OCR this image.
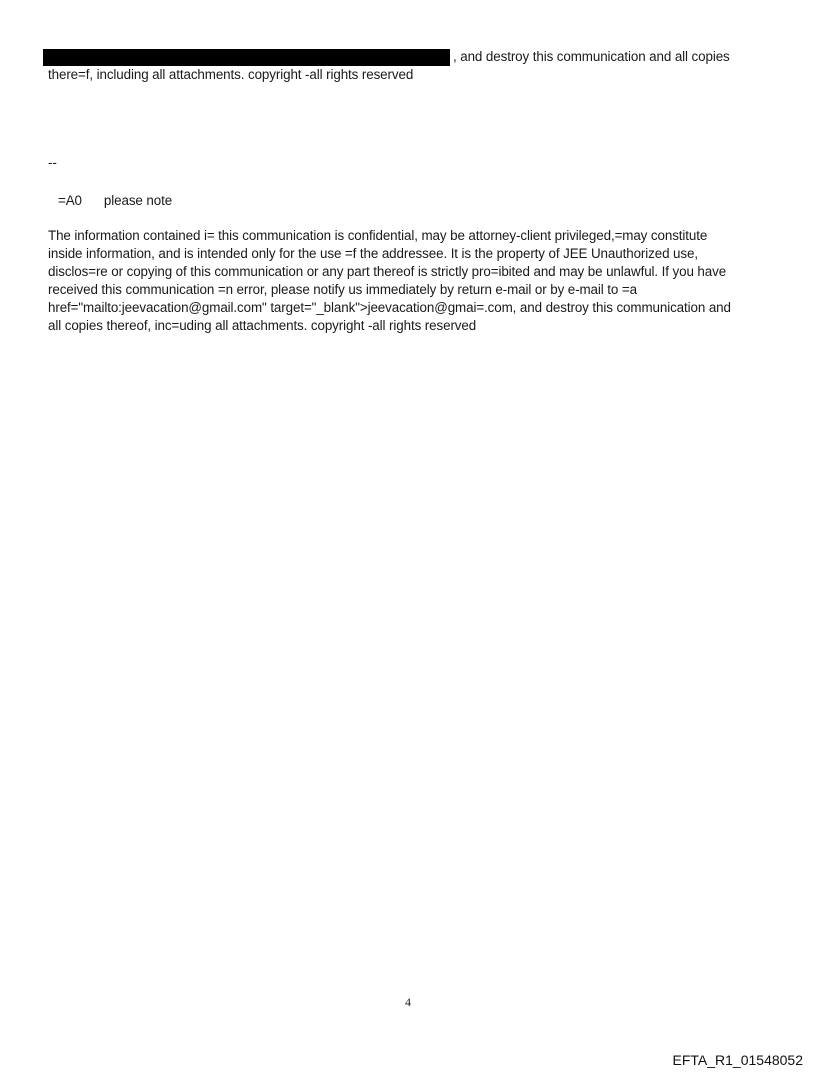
, and destroy this communication and all copies
there=f, including all attachments. copyright -all rights reserved
--
=A0 please note
The information contained i= this communication is confidential, may be attorney-client privileged,=may constitute
inside information, and is intended only for the use =f the addressee. It is the property of JEE Unauthorized use,
disclos=re or copying of this communication or any part thereof is strictly pro=ibited and may be unlawful. If you have
received this communication =n error, please notify us immediately by return e-mail or by e-mail to =a
href="mailto:jeevacation@gmail.com" target="_blank">jeevacation@gmai=.com, and destroy this communication and
all copies thereof, inc=uding all attachments. copyright -all rights reserved
4
EFTA_R1_01548052
